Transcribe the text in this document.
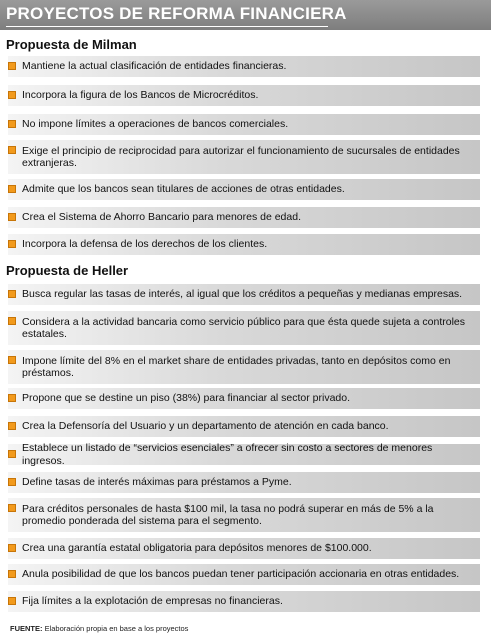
PROYECTOS DE REFORMA FINANCIERA
Propuesta de Milman
Mantiene la actual clasificación de entidades financieras.
Incorpora la figura de los Bancos de Microcréditos.
No impone límites a operaciones de bancos comerciales.
Exige el principio de reciprocidad para autorizar el funcionamiento de sucursales de entidades extranjeras.
Admite que los bancos sean titulares de acciones de otras entidades.
Crea el Sistema de Ahorro Bancario para menores de edad.
Incorpora la defensa de los derechos de los clientes.
Propuesta de Heller
Busca regular las tasas de interés, al igual que los créditos a pequeñas y medianas empresas.
Considera a la actividad bancaria como servicio público para que ésta quede sujeta a controles estatales.
Impone límite del 8% en el market share de entidades privadas, tanto en depósitos como en préstamos.
Propone que se destine un piso (38%) para financiar al sector privado.
Crea la Defensoría del Usuario y un departamento de atención en cada banco.
Establece un listado de “servicios esenciales” a ofrecer sin costo a sectores de menores ingresos.
Define tasas de interés máximas para préstamos a Pyme.
Para créditos personales de hasta $100 mil, la tasa no podrá superar en más de 5% a la promedio ponderada del sistema para el segmento.
Crea una garantía estatal obligatoria para depósitos menores de $100.000.
Anula posibilidad de que los bancos puedan tener participación accionaria en otras entidades.
Fija límites a la explotación de empresas no financieras.
FUENTE: Elaboración propia en base a los proyectos
